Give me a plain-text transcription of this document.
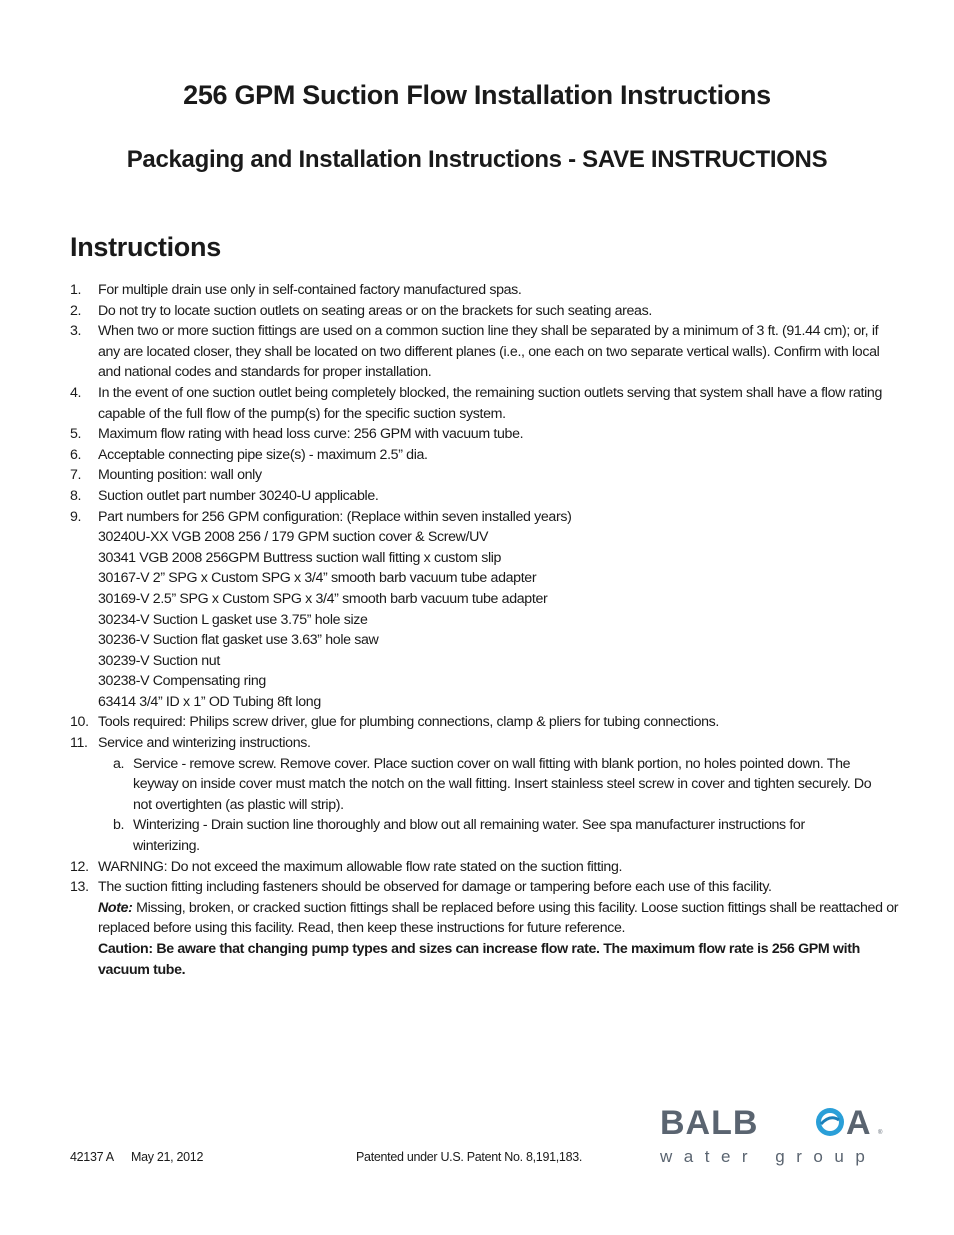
256 GPM Suction Flow Installation Instructions
Packaging and Installation Instructions - SAVE INSTRUCTIONS
Instructions
1. For multiple drain use only in self-contained factory manufactured spas.
2. Do not try to locate suction outlets on seating areas or on the brackets for such seating areas.
3. When two or more suction fittings are used on a common suction line they shall be separated by a minimum of 3 ft. (91.44 cm); or, if any are located closer, they shall be located on two different planes (i.e., one each on two separate vertical walls). Confirm with local and national codes and standards for proper installation.
4. In the event of one suction outlet being completely blocked, the remaining suction outlets serving that system shall have a flow rating capable of the full flow of the pump(s) for the specific suction system.
5. Maximum flow rating with head loss curve: 256 GPM with vacuum tube.
6. Acceptable connecting pipe size(s) - maximum 2.5” dia.
7. Mounting position: wall only
8. Suction outlet part number 30240-U applicable.
9. Part numbers for 256 GPM configuration: (Replace within seven installed years)
30240U-XX VGB 2008 256 / 179 GPM suction cover & Screw/UV
30341 VGB 2008 256GPM Buttress suction wall fitting x custom slip
30167-V 2” SPG x Custom SPG x 3/4” smooth barb vacuum tube adapter
30169-V 2.5” SPG x Custom SPG x 3/4” smooth barb vacuum tube adapter
30234-V Suction L gasket use 3.75” hole size
30236-V Suction flat gasket use 3.63” hole saw
30239-V Suction nut
30238-V Compensating ring
63414 3/4” ID x 1” OD Tubing 8ft long
10. Tools required: Philips screw driver, glue for plumbing connections, clamp & pliers for tubing connections.
11. Service and winterizing instructions.
a. Service - remove screw. Remove cover. Place suction cover on wall fitting with blank portion, no holes pointed down. The keyway on inside cover must match the notch on the wall fitting. Insert stainless steel screw in cover and tighten securely. Do not overtighten (as plastic will strip).
b. Winterizing - Drain suction line thoroughly and blow out all remaining water. See spa manufacturer instructions for winterizing.
12. WARNING: Do not exceed the maximum allowable flow rate stated on the suction fitting.
13. The suction fitting including fasteners should be observed for damage or tampering before each use of this facility.
Note: Missing, broken, or cracked suction fittings shall be replaced before using this facility. Loose suction fittings shall be reattached or replaced before using this facility. Read, then keep these instructions for future reference.
Caution: Be aware that changing pump types and sizes can increase flow rate. The maximum flow rate is 256 GPM with vacuum tube.
42137 A May 21, 2012	Patented under U.S. Patent No. 8,191,183.
BALB	A ®
water group
